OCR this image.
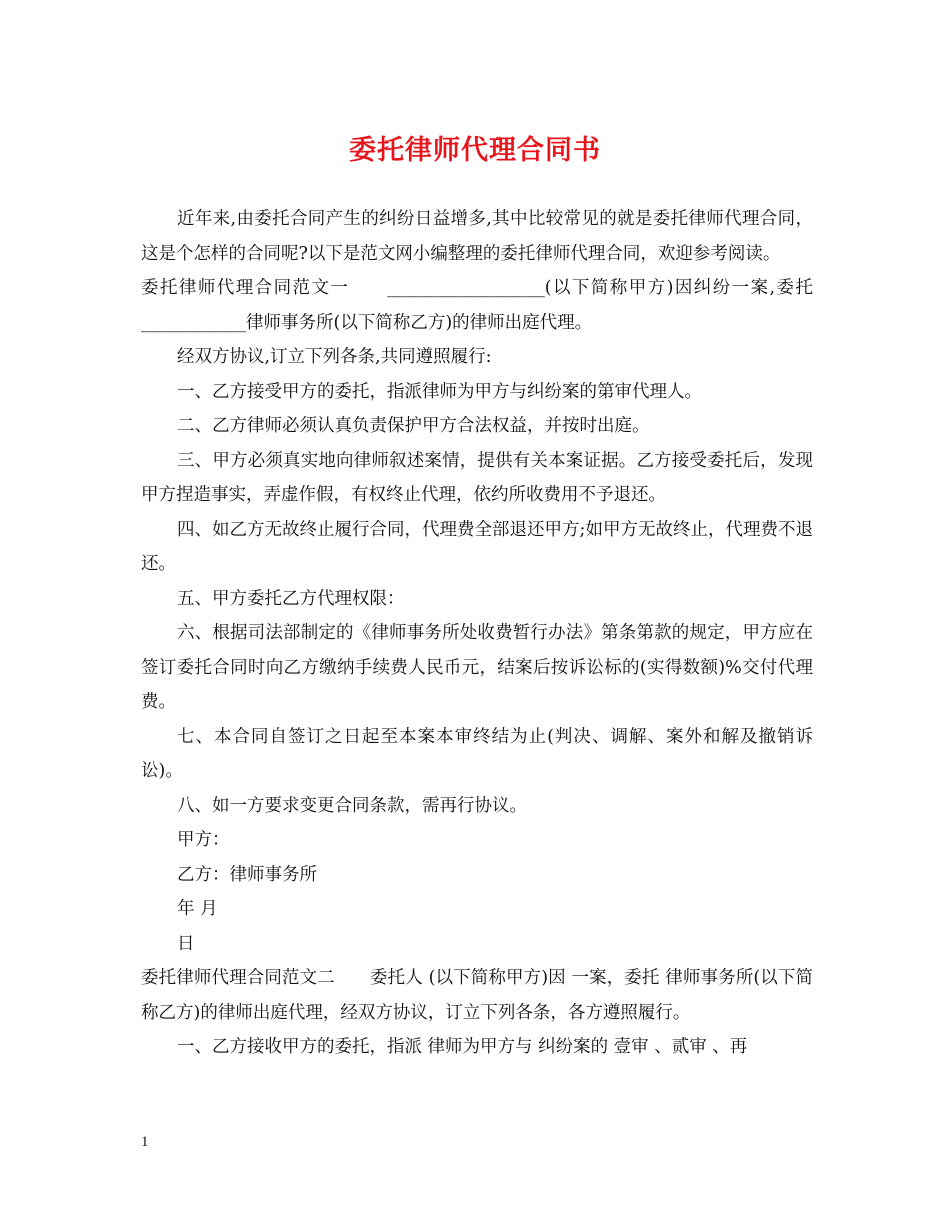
委托律师代理合同书

近年来,由委托合同产生的纠纷日益增多,其中比较常见的就是委托律师代理合同，这是个怎样的合同呢?以下是范文网小编整理的委托律师代理合同，欢迎参考阅读。

委托律师代理合同范文一　　__________________(以下简称甲方)因纠纷一案,委托____________律师事务所(以下简称乙方)的律师出庭代理。

经双方协议,订立下列各条,共同遵照履行:

一、乙方接受甲方的委托，指派律师为甲方与纠纷案的第审代理人。

二、乙方律师必须认真负责保护甲方合法权益，并按时出庭。

三、甲方必须真实地向律师叙述案情，提供有关本案证据。乙方接受委托后，发现甲方捏造事实，弄虚作假，有权终止代理，依约所收费用不予退还。

四、如乙方无故终止履行合同，代理费全部退还甲方;如甲方无故终止，代理费不退还。

五、甲方委托乙方代理权限：

六、根据司法部制定的《律师事务所处收费暂行办法》第条第款的规定，甲方应在签订委托合同时向乙方缴纳手续费人民币元，结案后按诉讼标的(实得数额)%交付代理费。

七、本合同自签订之日起至本案本审终结为止(判决、调解、案外和解及撤销诉讼)。

八、如一方要求变更合同条款，需再行协议。

甲方：

乙方：律师事务所

年 月

日

委托律师代理合同范文二　　委托人 (以下简称甲方)因 一案，委托 律师事务所(以下简称乙方)的律师出庭代理，经双方协议，订立下列各条，各方遵照履行。

一、乙方接收甲方的委托，指派 律师为甲方与 纠纷案的 壹审 、贰审 、再

1
